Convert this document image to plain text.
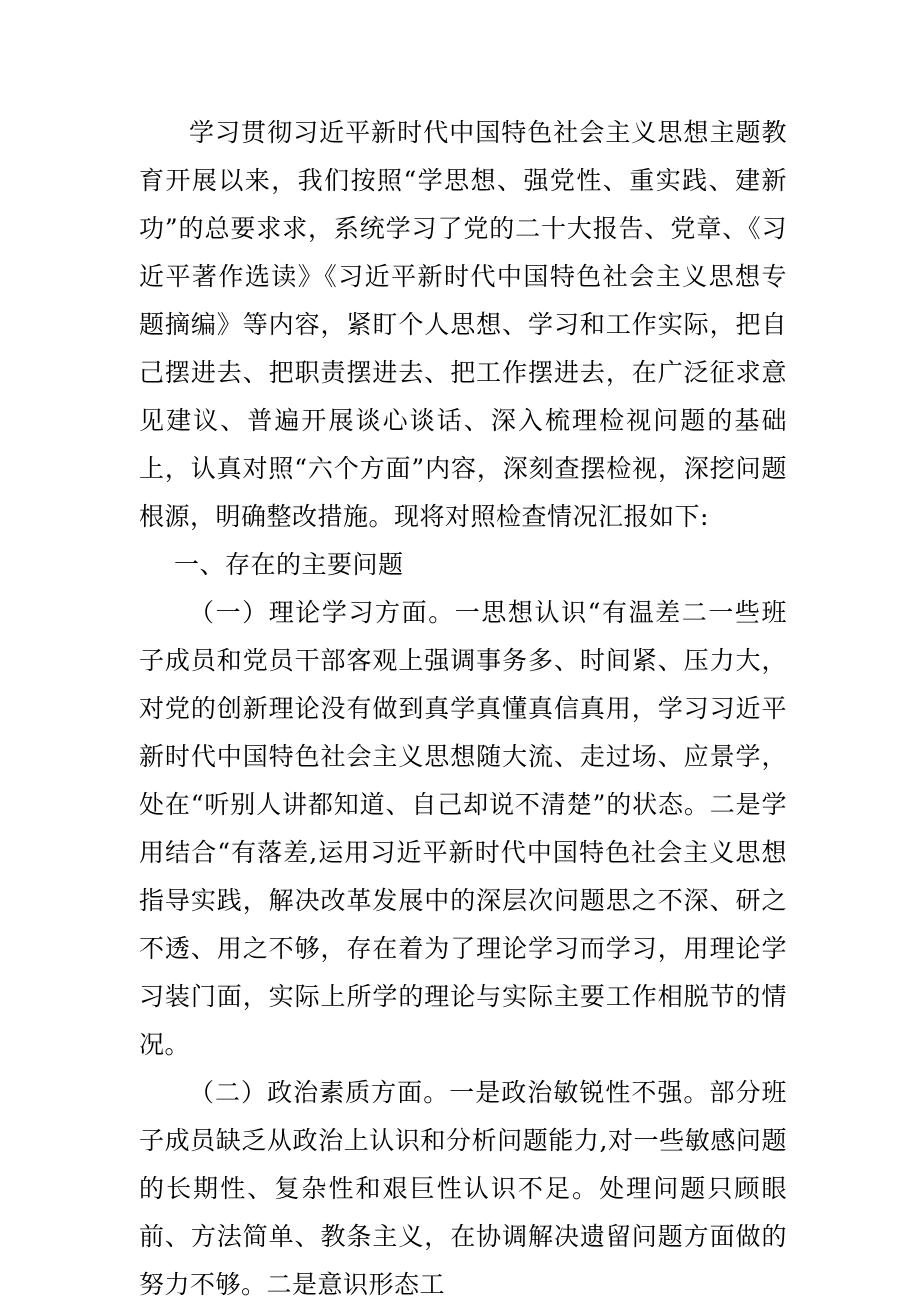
学习贯彻习近平新时代中国特色社会主义思想主题教育开展以来，我们按照“学思想、强党性、重实践、建新功”的总要求求，系统学习了党的二十大报告、党章、《习近平著作选读》《习近平新时代中国特色社会主义思想专题摘编》等内容，紧盯个人思想、学习和工作实际，把自己摆进去、把职责摆进去、把工作摆进去，在广泛征求意见建议、普遍开展谈心谈话、深入梳理检视问题的基础上，认真对照“六个方面”内容，深刻查摆检视，深挖问题根源，明确整改措施。现将对照检查情况汇报如下:

一、存在的主要问题

（一）理论学习方面。一思想认识“有温差二一些班子成员和党员干部客观上强调事务多、时间紧、压力大，对党的创新理论没有做到真学真懂真信真用，学习习近平新时代中国特色社会主义思想随大流、走过场、应景学，处在“听别人讲都知道、自己却说不清楚”的状态。二是学用结合“有落差,运用习近平新时代中国特色社会主义思想指导实践，解决改革发展中的深层次问题思之不深、研之不透、用之不够，存在着为了理论学习而学习，用理论学习装门面，实际上所学的理论与实际主要工作相脱节的情况。

（二）政治素质方面。一是政治敏锐性不强。部分班子成员缺乏从政治上认识和分析问题能力,对一些敏感问题的长期性、复杂性和艰巨性认识不足。处理问题只顾眼前、方法简单、教条主义，在协调解决遗留问题方面做的努力不够。二是意识形态工
